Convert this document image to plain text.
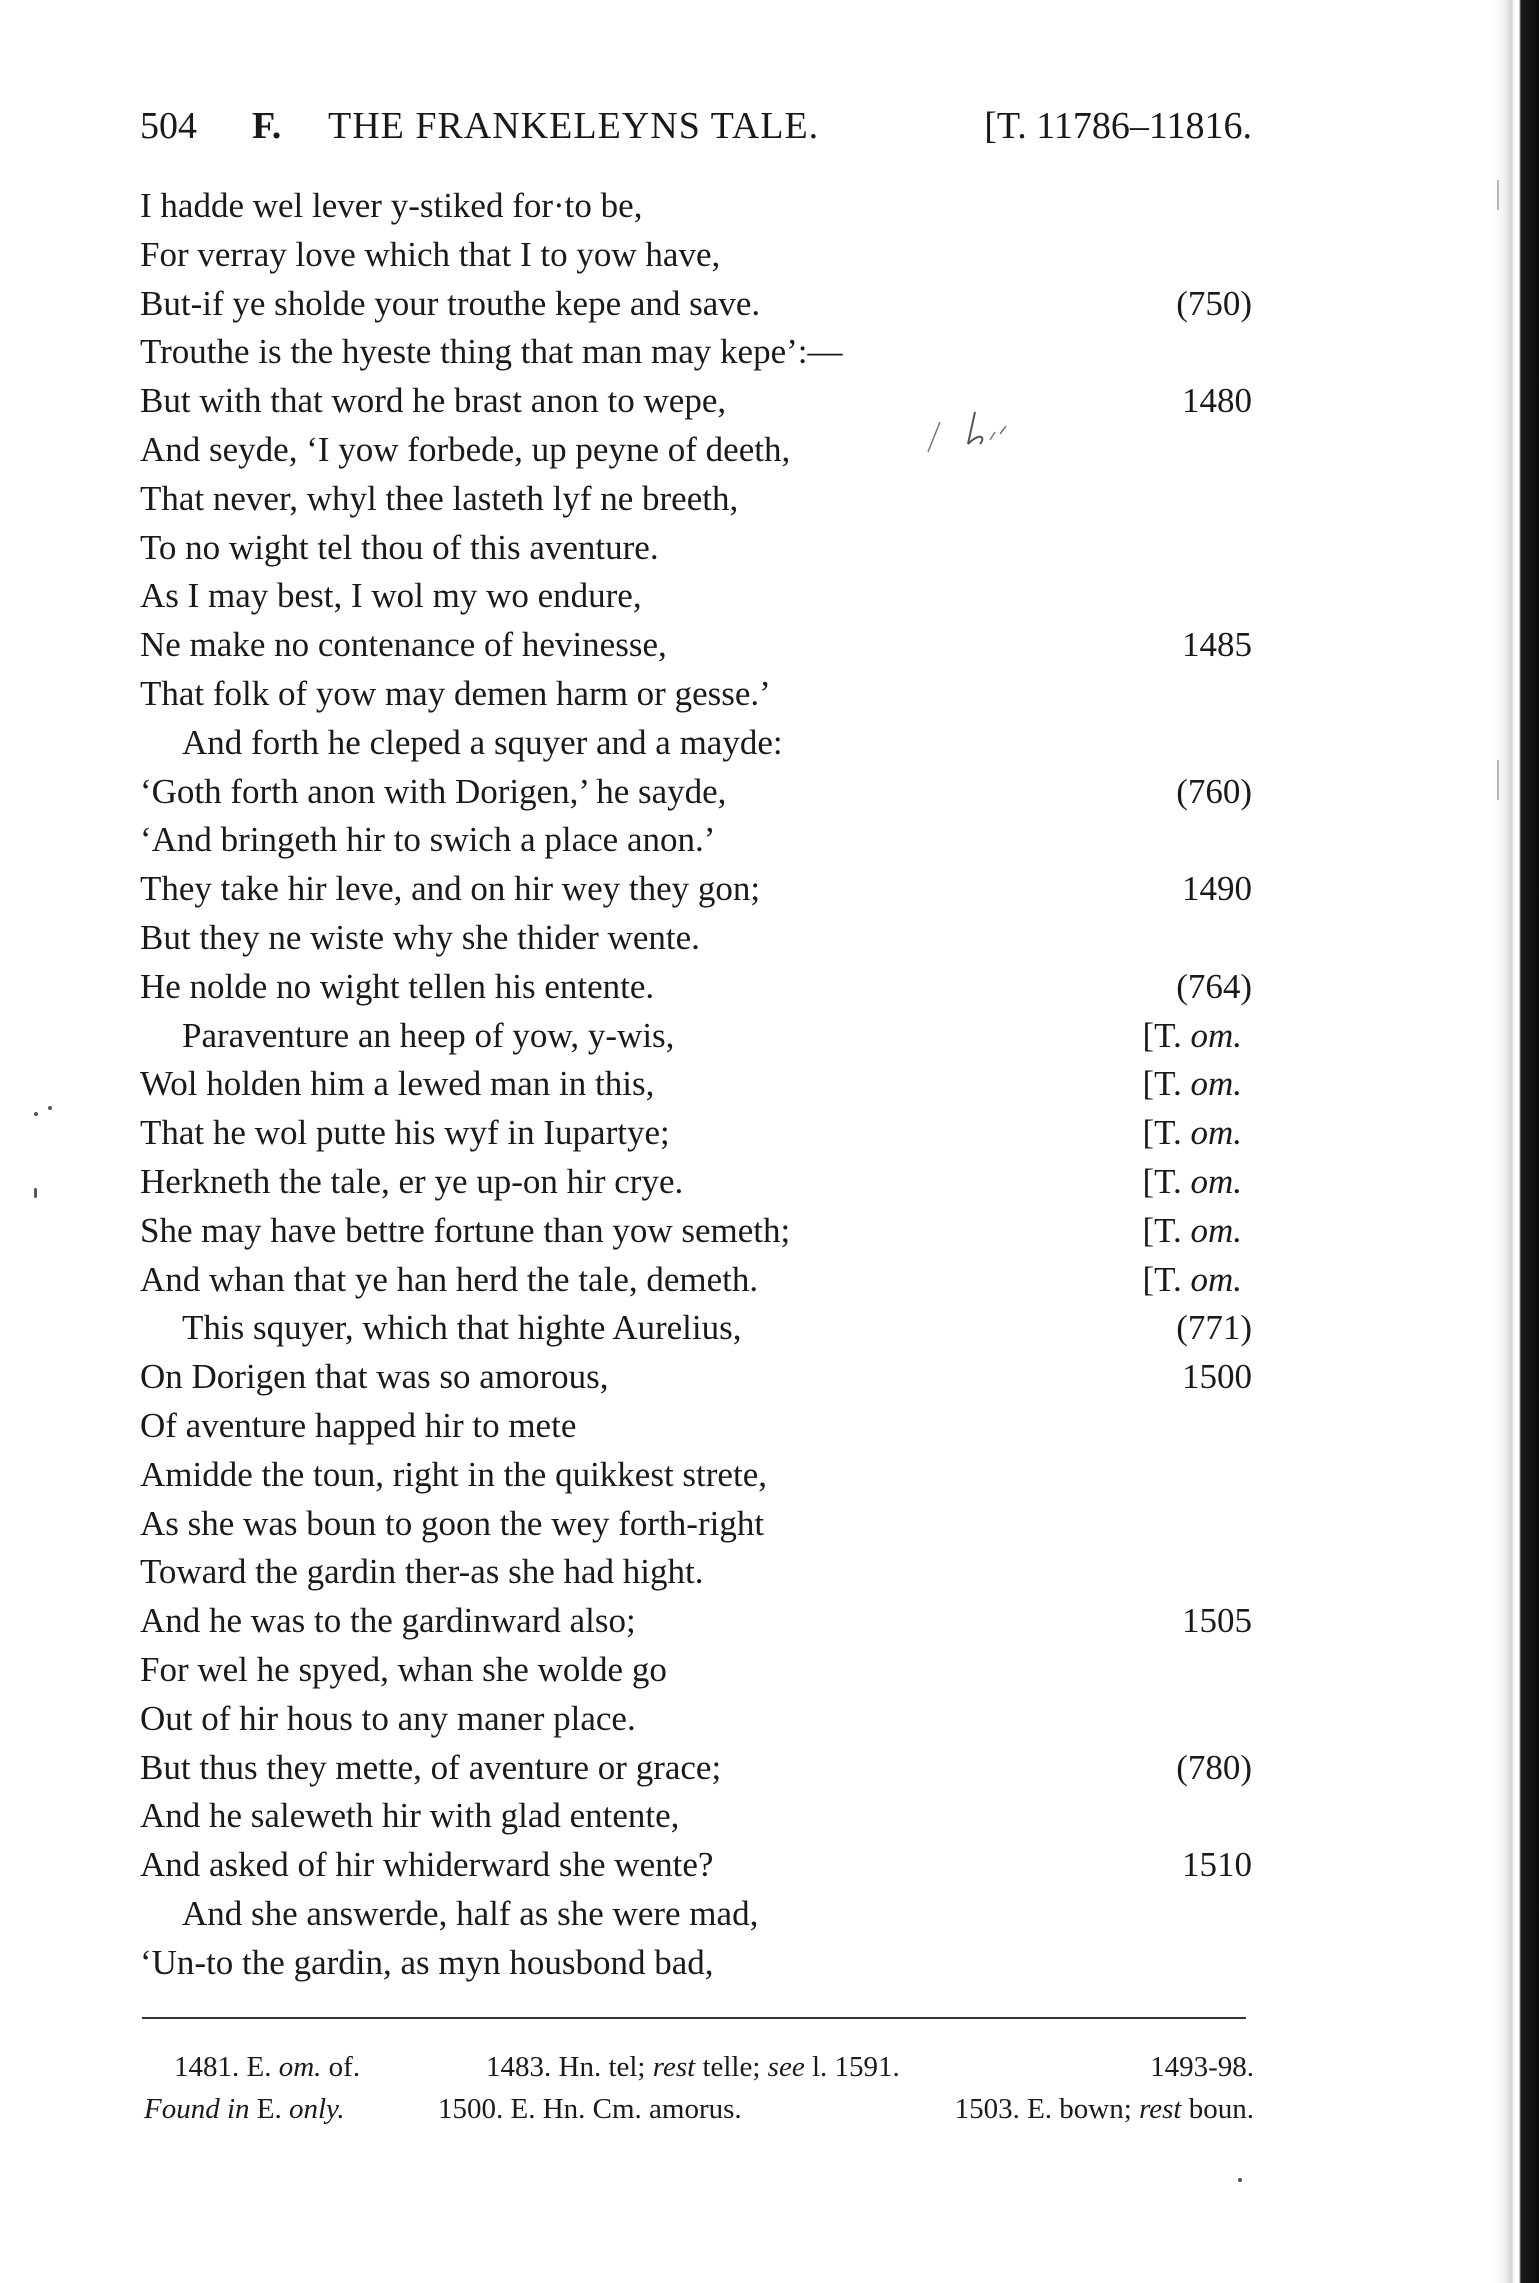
504 F. THE FRANKELEYNS TALE.	[T. 11786–11816.
I hadde wel lever y-stiked for·to be,
For verray love which that I to yow have,
But-if ye sholde your trouthe kepe and save.	(750)
Trouthe is the hyeste thing that man may kepe’:—
But with that word he brast anon to wepe,	1480
And seyde, ‘I yow forbede, up peyne of deeth,
That never, whyl thee lasteth lyf ne breeth,
To no wight tel thou of this aventure.
As I may best, I wol my wo endure,
Ne make no contenance of hevinesse,	1485
That folk of yow may demen harm or gesse.’
And forth he cleped a squyer and a mayde:
‘Goth forth anon with Dorigen,’ he sayde,	(760)
‘And bringeth hir to swich a place anon.’
They take hir leve, and on hir wey they gon;	1490
But they ne wiste why she thider wente.
He nolde no wight tellen his entente.	(764)
Paraventure an heep of yow, y-wis,	[T. om.
Wol holden him a lewed man in this,	[T. om.
That he wol putte his wyf in Iupartye;	[T. om.
Herkneth the tale, er ye up-on hir crye.	[T. om.
She may have bettre fortune than yow semeth;	[T. om.
And whan that ye han herd the tale, demeth.	[T. om.
This squyer, which that highte Aurelius,	(771)
On Dorigen that was so amorous,	1500
Of aventure happed hir to mete
Amidde the toun, right in the quikkest strete,
As she was boun to goon the wey forth-right
Toward the gardin ther-as she had hight.
And he was to the gardinward also;	1505
For wel he spyed, whan she wolde go
Out of hir hous to any maner place.
But thus they mette, of aventure or grace;	(780)
And he saleweth hir with glad entente,
And asked of hir whiderward she wente?	1510
And she answerde, half as she were mad,
‘Un-to the gardin, as myn housbond bad,
1481. E. om. of.	1483. Hn. tel; rest telle; see l. 1591.	1493-98.
Found in E. only.	1500. E. Hn. Cm. amorus.	1503. E. bown; rest boun.
